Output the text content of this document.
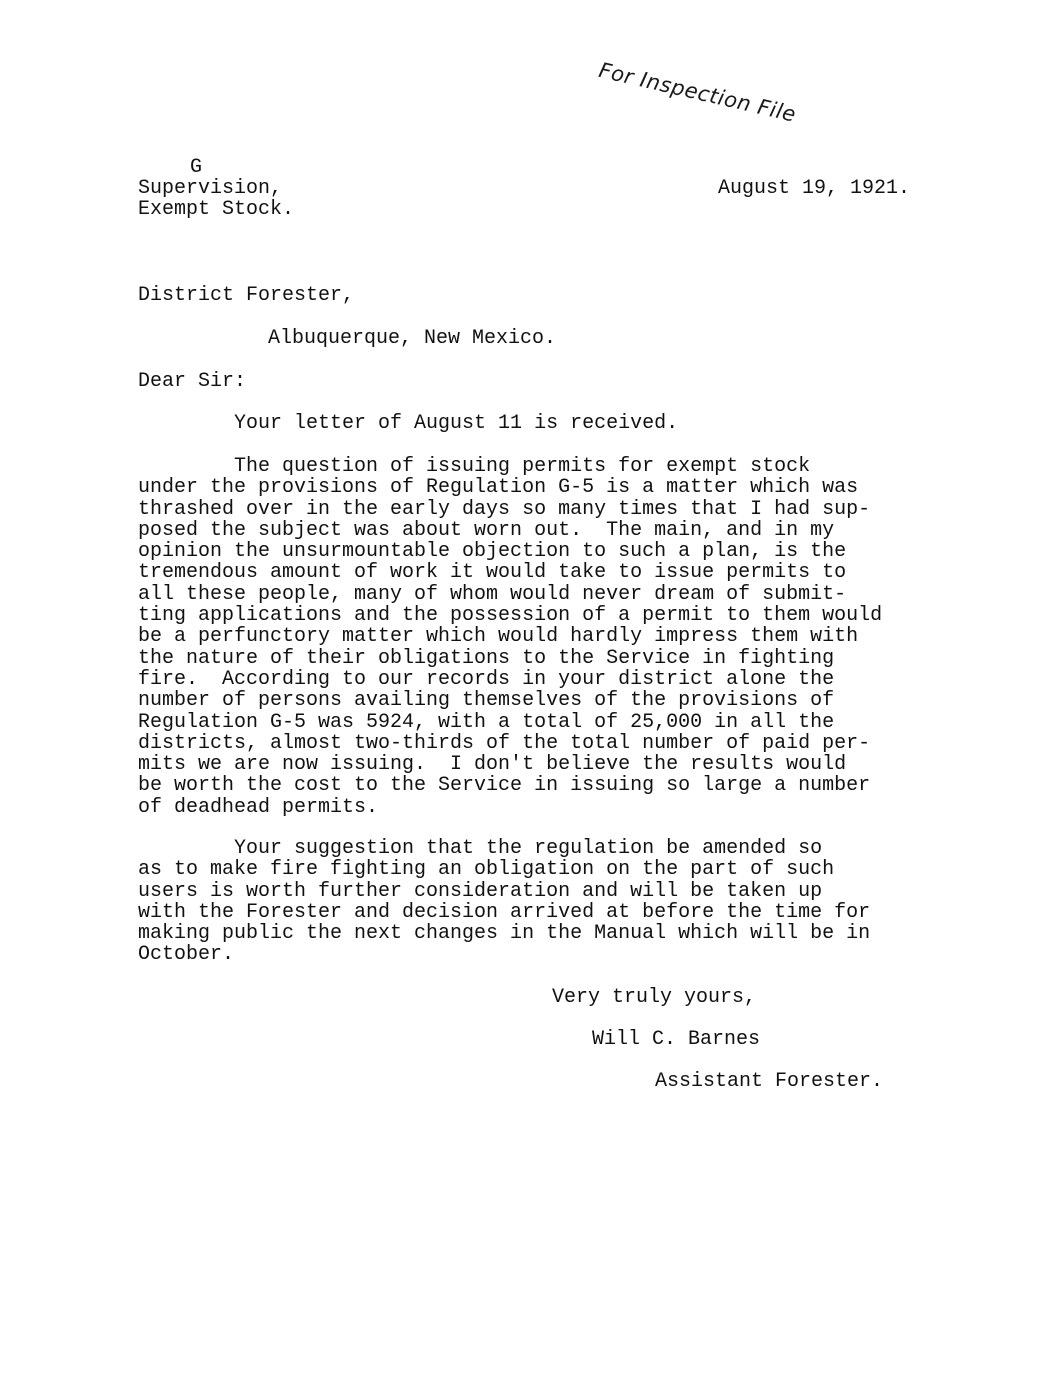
For Inspection File
G
Supervision,
Exempt Stock.
August 19, 1921.
District Forester,
Albuquerque, New Mexico.
Dear Sir:
Your letter of August 11 is received.
The question of issuing permits for exempt stock
under the provisions of Regulation G-5 is a matter which was
thrashed over in the early days so many times that I had sup-
posed the subject was about worn out.  The main, and in my
opinion the unsurmountable objection to such a plan, is the
tremendous amount of work it would take to issue permits to
all these people, many of whom would never dream of submit-
ting applications and the possession of a permit to them would
be a perfunctory matter which would hardly impress them with
the nature of their obligations to the Service in fighting
fire.  According to our records in your district alone the
number of persons availing themselves of the provisions of
Regulation G-5 was 5924, with a total of 25,000 in all the
districts, almost two-thirds of the total number of paid per-
mits we are now issuing.  I don't believe the results would
be worth the cost to the Service in issuing so large a number
of deadhead permits.
Your suggestion that the regulation be amended so
as to make fire fighting an obligation on the part of such
users is worth further consideration and will be taken up
with the Forester and decision arrived at before the time for
making public the next changes in the Manual which will be in
October.
Very truly yours,
Will C. Barnes
Assistant Forester.
